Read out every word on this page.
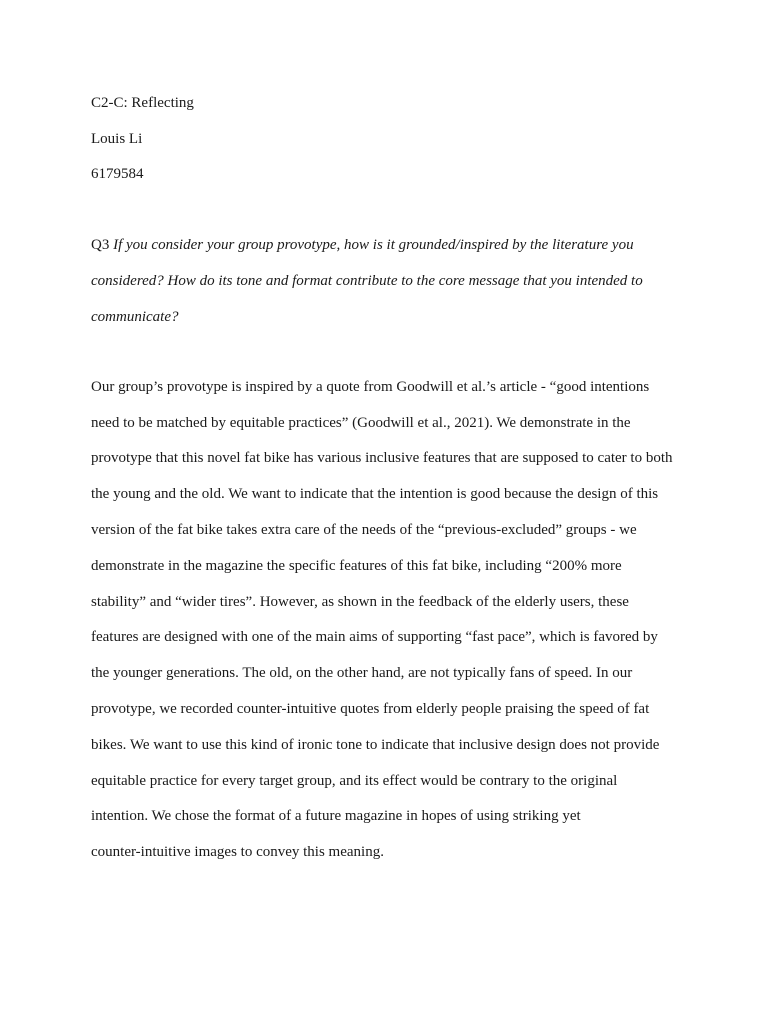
C2-C: Reflecting
Louis Li
6179584
Q3 If you consider your group provotype, how is it grounded/inspired by the literature you
considered? How do its tone and format contribute to the core message that you intended to
communicate?
Our group’s provotype is inspired by a quote from Goodwill et al.’s article - “good intentions
need to be matched by equitable practices” (Goodwill et al., 2021). We demonstrate in the
provotype that this novel fat bike has various inclusive features that are supposed to cater to both
the young and the old. We want to indicate that the intention is good because the design of this
version of the fat bike takes extra care of the needs of the “previous-excluded” groups - we
demonstrate in the magazine the specific features of this fat bike, including “200% more
stability” and “wider tires”. However, as shown in the feedback of the elderly users, these
features are designed with one of the main aims of supporting “fast pace”, which is favored by
the younger generations. The old, on the other hand, are not typically fans of speed. In our
provotype, we recorded counter-intuitive quotes from elderly people praising the speed of fat
bikes. We want to use this kind of ironic tone to indicate that inclusive design does not provide
equitable practice for every target group, and its effect would be contrary to the original
intention. We chose the format of a future magazine in hopes of using striking yet
counter-intuitive images to convey this meaning.
